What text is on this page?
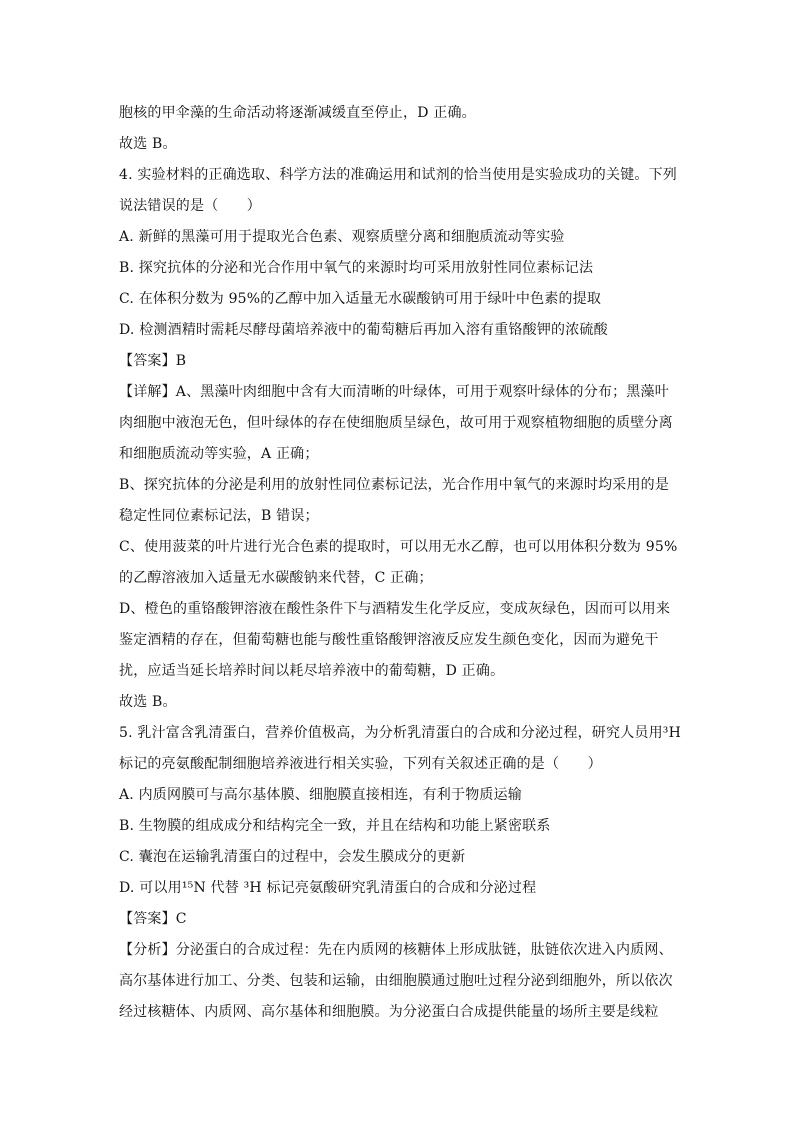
胞核的甲伞藻的生命活动将逐渐减缓直至停止，D 正确。
故选 B。
4. 实验材料的正确选取、科学方法的准确运用和试剂的恰当使用是实验成功的关键。下列
说法错误的是（　　）
A. 新鲜的黑藻可用于提取光合色素、观察质壁分离和细胞质流动等实验
B. 探究抗体的分泌和光合作用中氧气的来源时均可采用放射性同位素标记法
C. 在体积分数为 95%的乙醇中加入适量无水碳酸钠可用于绿叶中色素的提取
D. 检测酒精时需耗尽酵母菌培养液中的葡萄糖后再加入溶有重铬酸钾的浓硫酸
【答案】B
【详解】A、黑藻叶肉细胞中含有大而清晰的叶绿体，可用于观察叶绿体的分布；黑藻叶
肉细胞中液泡无色，但叶绿体的存在使细胞质呈绿色，故可用于观察植物细胞的质壁分离
和细胞质流动等实验，A 正确；
B、探究抗体的分泌是利用的放射性同位素标记法，光合作用中氧气的来源时均采用的是
稳定性同位素标记法，B 错误；
C、使用菠菜的叶片进行光合色素的提取时，可以用无水乙醇，也可以用体积分数为 95%
的乙醇溶液加入适量无水碳酸钠来代替，C 正确；
D、橙色的重铬酸钾溶液在酸性条件下与酒精发生化学反应，变成灰绿色，因而可以用来
鉴定酒精的存在，但葡萄糖也能与酸性重铬酸钾溶液反应发生颜色变化，因而为避免干
扰，应适当延长培养时间以耗尽培养液中的葡萄糖，D 正确。
故选 B。
5. 乳汁富含乳清蛋白，营养价值极高，为分析乳清蛋白的合成和分泌过程，研究人员用³H
标记的亮氨酸配制细胞培养液进行相关实验，下列有关叙述正确的是（　　）
A. 内质网膜可与高尔基体膜、细胞膜直接相连，有利于物质运输
B. 生物膜的组成成分和结构完全一致，并且在结构和功能上紧密联系
C. 囊泡在运输乳清蛋白的过程中，会发生膜成分的更新
D. 可以用¹⁵N 代替 ³H 标记亮氨酸研究乳清蛋白的合成和分泌过程
【答案】C
【分析】分泌蛋白的合成过程：先在内质网的核糖体上形成肽链，肽链依次进入内质网、
高尔基体进行加工、分类、包装和运输，由细胞膜通过胞吐过程分泌到细胞外，所以依次
经过核糖体、内质网、高尔基体和细胞膜。为分泌蛋白合成提供能量的场所主要是线粒
